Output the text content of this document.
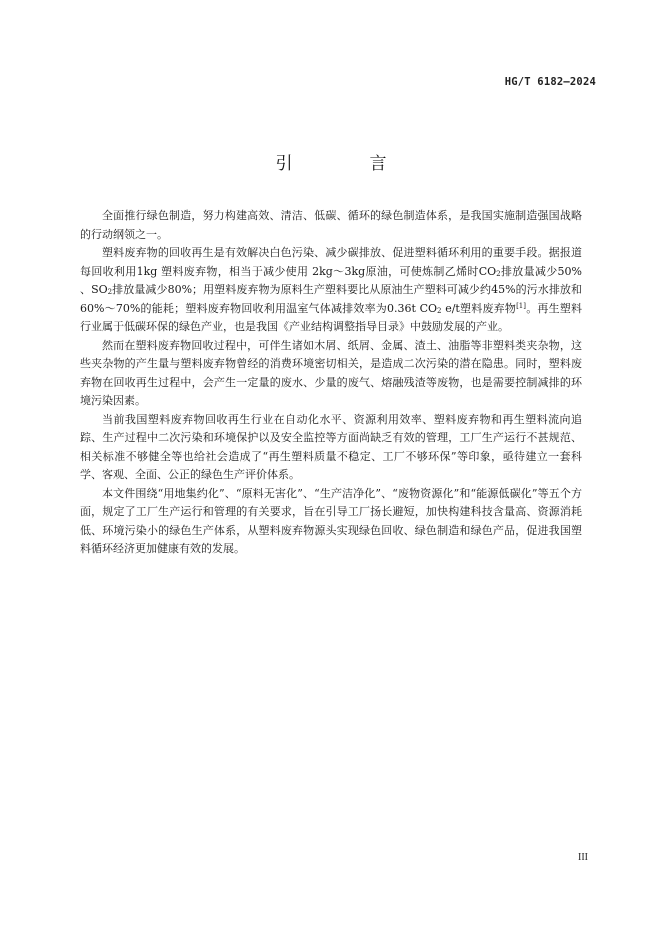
HG/T 6182—2024
引　言

全面推行绿色制造，努力构建高效、清洁、低碳、循环的绿色制造体系，是我国实施制造强国战略的行动纲领之一。

塑料废弃物的回收再生是有效解决白色污染、减少碳排放、促进塑料循环利用的重要手段。据报道每回收利用1kg 塑料废弃物，相当于减少使用 2kg～3kg原油，可使炼制乙烯时$CO_2$排放量减少50% 、$SO_2$排放量减少80%；用塑料废弃物为原料生产塑料要比从原油生产塑料可减少约45%的污水排放和60%～70%的能耗；塑料废弃物回收利用温室气体减排效率为0.36t $CO_2$ e/t塑料废弃物[1]。再生塑料行业属于低碳环保的绿色产业，也是我国《产业结构调整指导目录》中鼓励发展的产业。

然而在塑料废弃物回收过程中，可伴生诸如木屑、纸屑、金属、渣土、油脂等非塑料类夹杂物，这些夹杂物的产生量与塑料废弃物曾经的消费环境密切相关，是造成二次污染的潜在隐患。同时，塑料废弃物在回收再生过程中，会产生一定量的废水、少量的废气、熔融残渣等废物，也是需要控制减排的环境污染因素。

当前我国塑料废弃物回收再生行业在自动化水平、资源利用效率、塑料废弃物和再生塑料流向追踪、生产过程中二次污染和环境保护以及安全监控等方面尚缺乏有效的管理，工厂生产运行不甚规范、相关标准不够健全等也给社会造成了“再生塑料质量不稳定、工厂不够环保”等印象，亟待建立一套科学、客观、全面、公正的绿色生产评价体系。

本文件围绕“用地集约化”、“原料无害化”、“生产洁净化”、“废物资源化”和“能源低碳化”等五个方面，规定了工厂生产运行和管理的有关要求，旨在引导工厂扬长避短，加快构建科技含量高、资源消耗低、环境污染小的绿色生产体系，从塑料废弃物源头实现绿色回收、绿色制造和绿色产品，促进我国塑料循环经济更加健康有效的发展。

III
